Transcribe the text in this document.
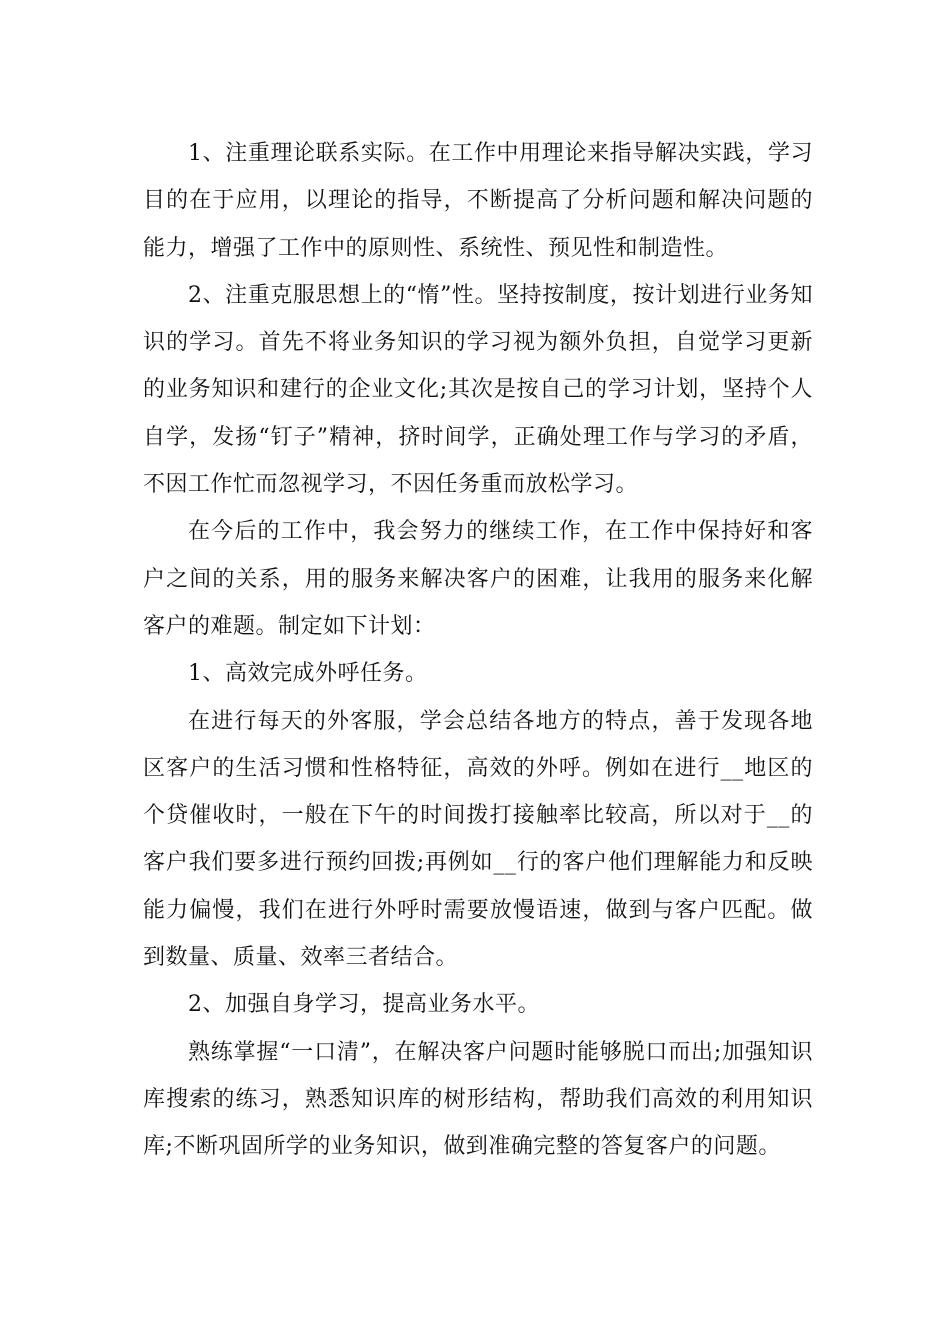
1、注重理论联系实际。在工作中用理论来指导解决实践，学习目的在于应用，以理论的指导，不断提高了分析问题和解决问题的能力，增强了工作中的原则性、系统性、预见性和制造性。

2、注重克服思想上的“惰”性。坚持按制度，按计划进行业务知识的学习。首先不将业务知识的学习视为额外负担，自觉学习更新的业务知识和建行的企业文化;其次是按自己的学习计划，坚持个人自学，发扬“钉子”精神，挤时间学，正确处理工作与学习的矛盾，不因工作忙而忽视学习，不因任务重而放松学习。

在今后的工作中，我会努力的继续工作，在工作中保持好和客户之间的关系，用的服务来解决客户的困难，让我用的服务来化解客户的难题。制定如下计划：

1、高效完成外呼任务。

在进行每天的外客服，学会总结各地方的特点，善于发现各地区客户的生活习惯和性格特征，高效的外呼。例如在进行__地区的个贷催收时，一般在下午的时间拨打接触率比较高，所以对于__的客户我们要多进行预约回拨;再例如__行的客户他们理解能力和反映能力偏慢，我们在进行外呼时需要放慢语速，做到与客户匹配。做到数量、质量、效率三者结合。

2、加强自身学习，提高业务水平。

熟练掌握“一口清”，在解决客户问题时能够脱口而出;加强知识库搜索的练习，熟悉知识库的树形结构，帮助我们高效的利用知识库;不断巩固所学的业务知识，做到准确完整的答复客户的问题。
